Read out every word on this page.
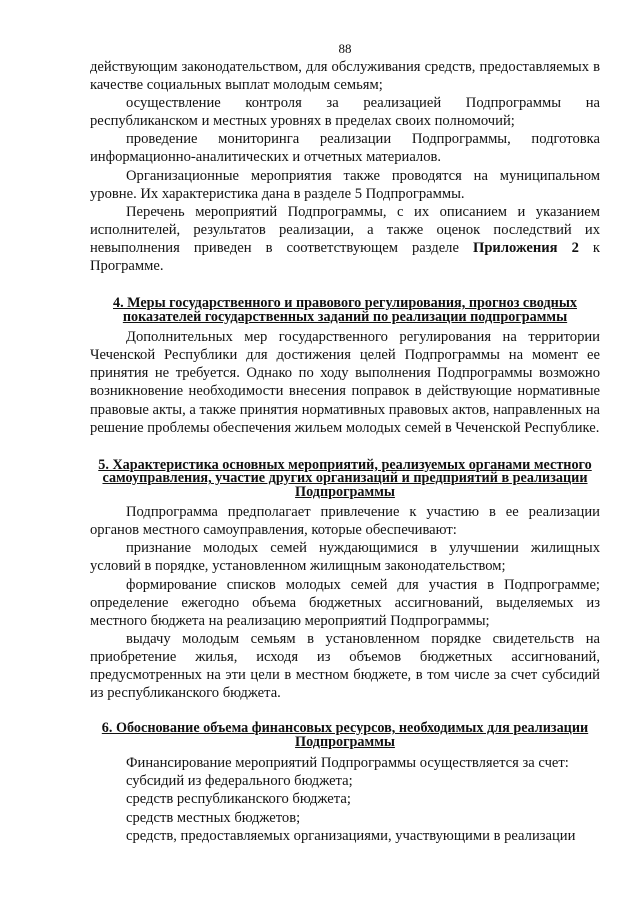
88

действующим законодательством, для обслуживания средств, предоставляемых в качестве социальных выплат молодым семьям;

осуществление контроля за реализацией Подпрограммы на республиканском и местных уровнях в пределах своих полномочий;

проведение мониторинга реализации Подпрограммы, подготовка информационно-аналитических и отчетных материалов.

Организационные мероприятия также проводятся на муниципальном уровне. Их характеристика дана в разделе 5 Подпрограммы.

Перечень мероприятий Подпрограммы, с их описанием и указанием исполнителей, результатов реализации, а также оценок последствий их невыполнения приведен в соответствующем разделе Приложения 2 к Программе.

4. Меры государственного и правового регулирования, прогноз сводных показателей государственных заданий по реализации подпрограммы

Дополнительных мер государственного регулирования на территории Чеченской Республики для достижения целей Подпрограммы на момент ее принятия не требуется. Однако по ходу выполнения Подпрограммы возможно возникновение необходимости внесения поправок в действующие нормативные правовые акты, а также принятия нормативных правовых актов, направленных на решение проблемы обеспечения жильем молодых семей в Чеченской Республике.

5. Характеристика основных мероприятий, реализуемых органами местного самоуправления, участие других организаций и предприятий в реализации Подпрограммы

Подпрограмма предполагает привлечение к участию в ее реализации органов местного самоуправления, которые обеспечивают:

признание молодых семей нуждающимися в улучшении жилищных условий в порядке, установленном жилищным законодательством;

формирование списков молодых семей для участия в Подпрограмме; определение ежегодно объема бюджетных ассигнований, выделяемых из местного бюджета на реализацию мероприятий Подпрограммы;

выдачу молодым семьям в установленном порядке свидетельств на приобретение жилья, исходя из объемов бюджетных ассигнований, предусмотренных на эти цели в местном бюджете, в том числе за счет субсидий из республиканского бюджета.

6. Обоснование объема финансовых ресурсов, необходимых для реализации Подпрограммы

Финансирование мероприятий Подпрограммы осуществляется за счет:

субсидий из федерального бюджета;

средств республиканского бюджета;

средств местных бюджетов;

средств, предоставляемых организациями, участвующими в реализации
